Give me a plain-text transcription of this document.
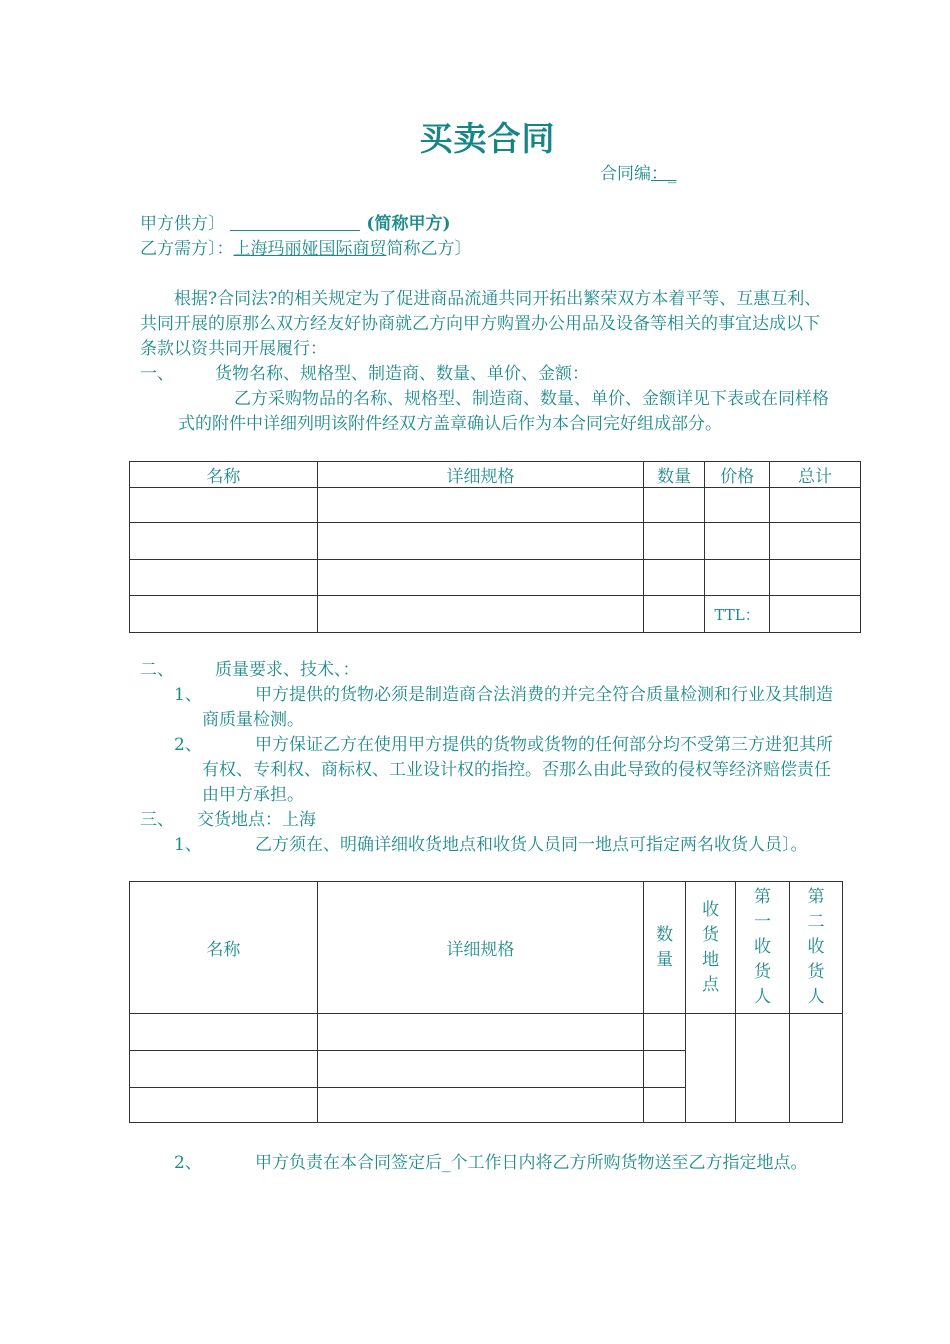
买卖合同
合同编：_
甲方供方〕	(简称甲方)
乙方需方〕：上海玛丽娅国际商贸简称乙方〕
根据?合同法?的相关规定为了促进商品流通共同开拓出繁荣双方本着平等、互惠互利、共同开展的原那么双方经友好协商就乙方向甲方购置办公用品及设备等相关的事宜达成以下条款以资共同开展履行：
一、 货物名称、规格型、制造商、数量、单价、金额：
乙方采购物品的名称、规格型、制造商、数量、单价、金额详见下表或在同样格式的附件中详细列明该附件经双方盖章确认后作为本合同完好组成部分。
名称	详细规格	数量	价格	总计

			TTL：	
二、 质量要求、技术、：
1、	甲方提供的货物必须是制造商合法消费的并完全符合质量检测和行业及其制造商质量检测。
2、	甲方保证乙方在使用甲方提供的货物或货物的任何部分均不受第三方进犯其所有权、专利权、商标权、工业设计权的指控。否那么由此导致的侵权等经济赔偿责任由甲方承担。
三、 交货地点：上海
1、	乙方须在、明确详细收货地点和收货人员同一地点可指定两名收货人员〕。
名称	详细规格	数量	收货地点	第一收货人	第二收货人

2、	甲方负责在本合同签定后_个工作日内将乙方所购货物送至乙方指定地点。
